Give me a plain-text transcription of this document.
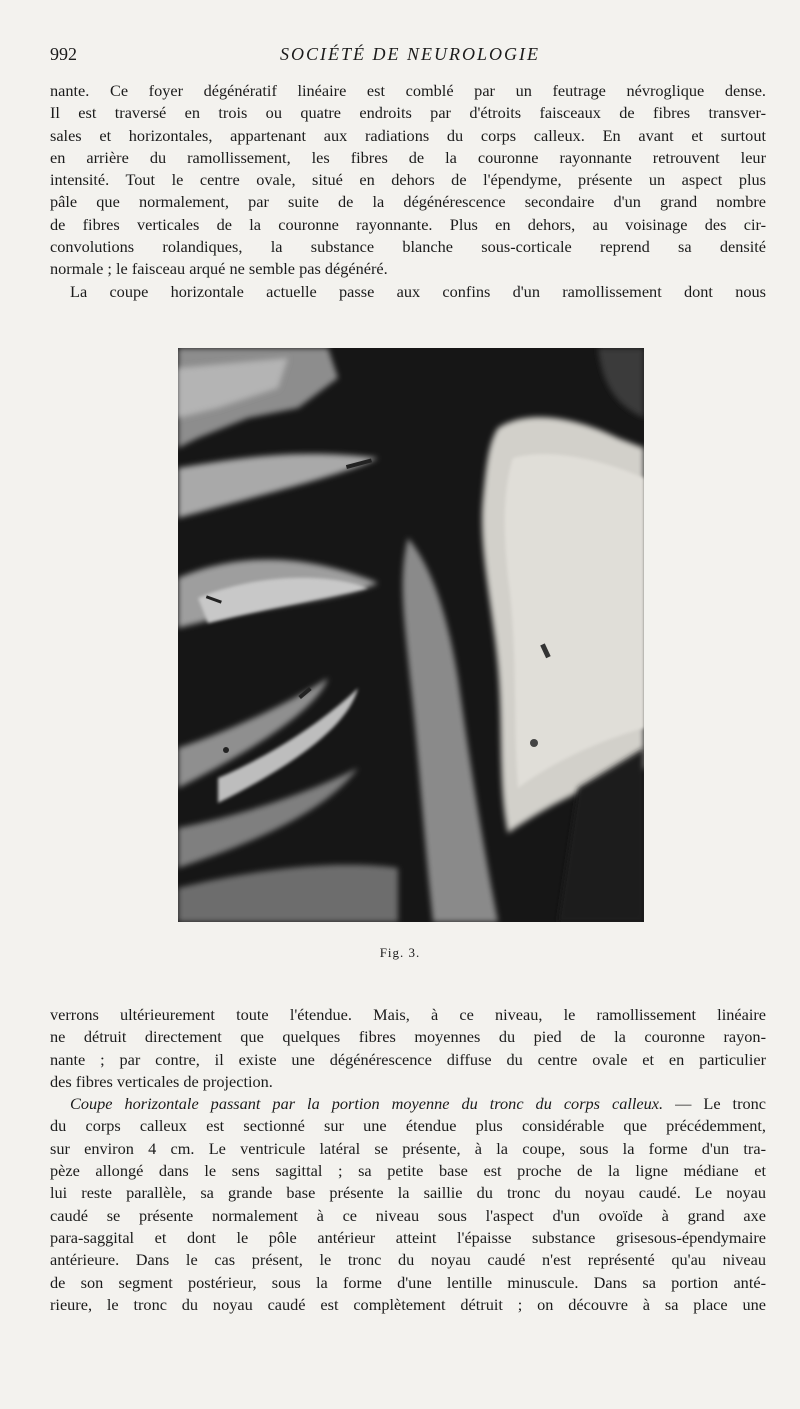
992	SOCIÉTÉ DE NEUROLOGIE
nante. Ce foyer dégénératif linéaire est comblé par un feutrage névroglique dense.
Il est traversé en trois ou quatre endroits par d'étroits faisceaux de fibres transver-
sales et horizontales, appartenant aux radiations du corps calleux. En avant et surtout
en arrière du ramollissement, les fibres de la couronne rayonnante retrouvent leur
intensité. Tout le centre ovale, situé en dehors de l'épendyme, présente un aspect plus
pâle que normalement, par suite de la dégénérescence secondaire d'un grand nombre
de fibres verticales de la couronne rayonnante. Plus en dehors, au voisinage des cir-
convolutions rolandiques, la substance blanche sous-corticale reprend sa densité
normale ; le faisceau arqué ne semble pas dégénéré.
La coupe horizontale actuelle passe aux confins d'un ramollissement dont nous
Fig. 3.
verrons ultérieurement toute l'étendue. Mais, à ce niveau, le ramollissement linéaire
ne détruit directement que quelques fibres moyennes du pied de la couronne rayon-
nante ; par contre, il existe une dégénérescence diffuse du centre ovale et en particulier
des fibres verticales de projection.
Coupe horizontale passant par la portion moyenne du tronc du corps calleux. — Le tronc
du corps calleux est sectionné sur une étendue plus considérable que précédemment,
sur environ 4 cm. Le ventricule latéral se présente, à la coupe, sous la forme d'un tra-
pèze allongé dans le sens sagittal ; sa petite base est proche de la ligne médiane et
lui reste parallèle, sa grande base présente la saillie du tronc du noyau caudé. Le noyau
caudé se présente normalement à ce niveau sous l'aspect d'un ovoïde à grand axe
para-saggital et dont le pôle antérieur atteint l'épaisse substance grisesous-épendymaire
antérieure. Dans le cas présent, le tronc du noyau caudé n'est représenté qu'au niveau
de son segment postérieur, sous la forme d'une lentille minuscule. Dans sa portion anté-
rieure, le tronc du noyau caudé est complètement détruit ; on découvre à sa place une
